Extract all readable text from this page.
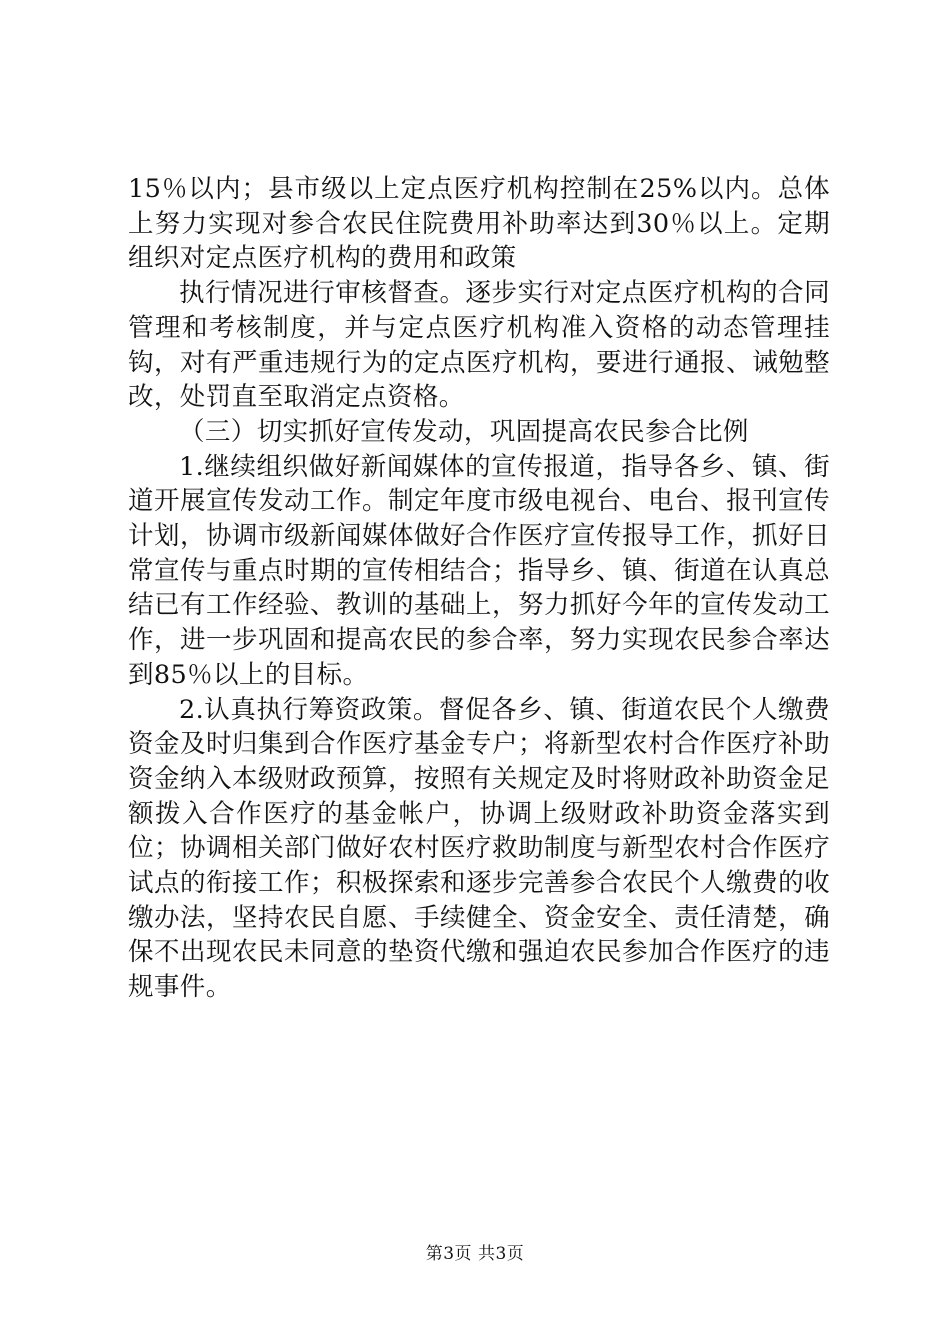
15％以内；县市级以上定点医疗机构控制在25%以内。总体上努力实现对参合农民住院费用补助率达到30％以上。定期组织对定点医疗机构的费用和政策

执行情况进行审核督查。逐步实行对定点医疗机构的合同管理和考核制度，并与定点医疗机构准入资格的动态管理挂钩，对有严重违规行为的定点医疗机构，要进行通报、诫勉整改，处罚直至取消定点资格。

（三）切实抓好宣传发动，巩固提高农民参合比例

1.继续组织做好新闻媒体的宣传报道，指导各乡、镇、街道开展宣传发动工作。制定年度市级电视台、电台、报刊宣传计划，协调市级新闻媒体做好合作医疗宣传报导工作，抓好日常宣传与重点时期的宣传相结合；指导乡、镇、街道在认真总结已有工作经验、教训的基础上，努力抓好今年的宣传发动工作，进一步巩固和提高农民的参合率，努力实现农民参合率达到85％以上的目标。

2.认真执行筹资政策。督促各乡、镇、街道农民个人缴费资金及时归集到合作医疗基金专户；将新型农村合作医疗补助资金纳入本级财政预算，按照有关规定及时将财政补助资金足额拨入合作医疗的基金帐户，协调上级财政补助资金落实到位；协调相关部门做好农村医疗救助制度与新型农村合作医疗试点的衔接工作；积极探索和逐步完善参合农民个人缴费的收缴办法，坚持农民自愿、手续健全、资金安全、责任清楚，确保不出现农民未同意的垫资代缴和强迫农民参加合作医疗的违规事件。

第3页 共3页
